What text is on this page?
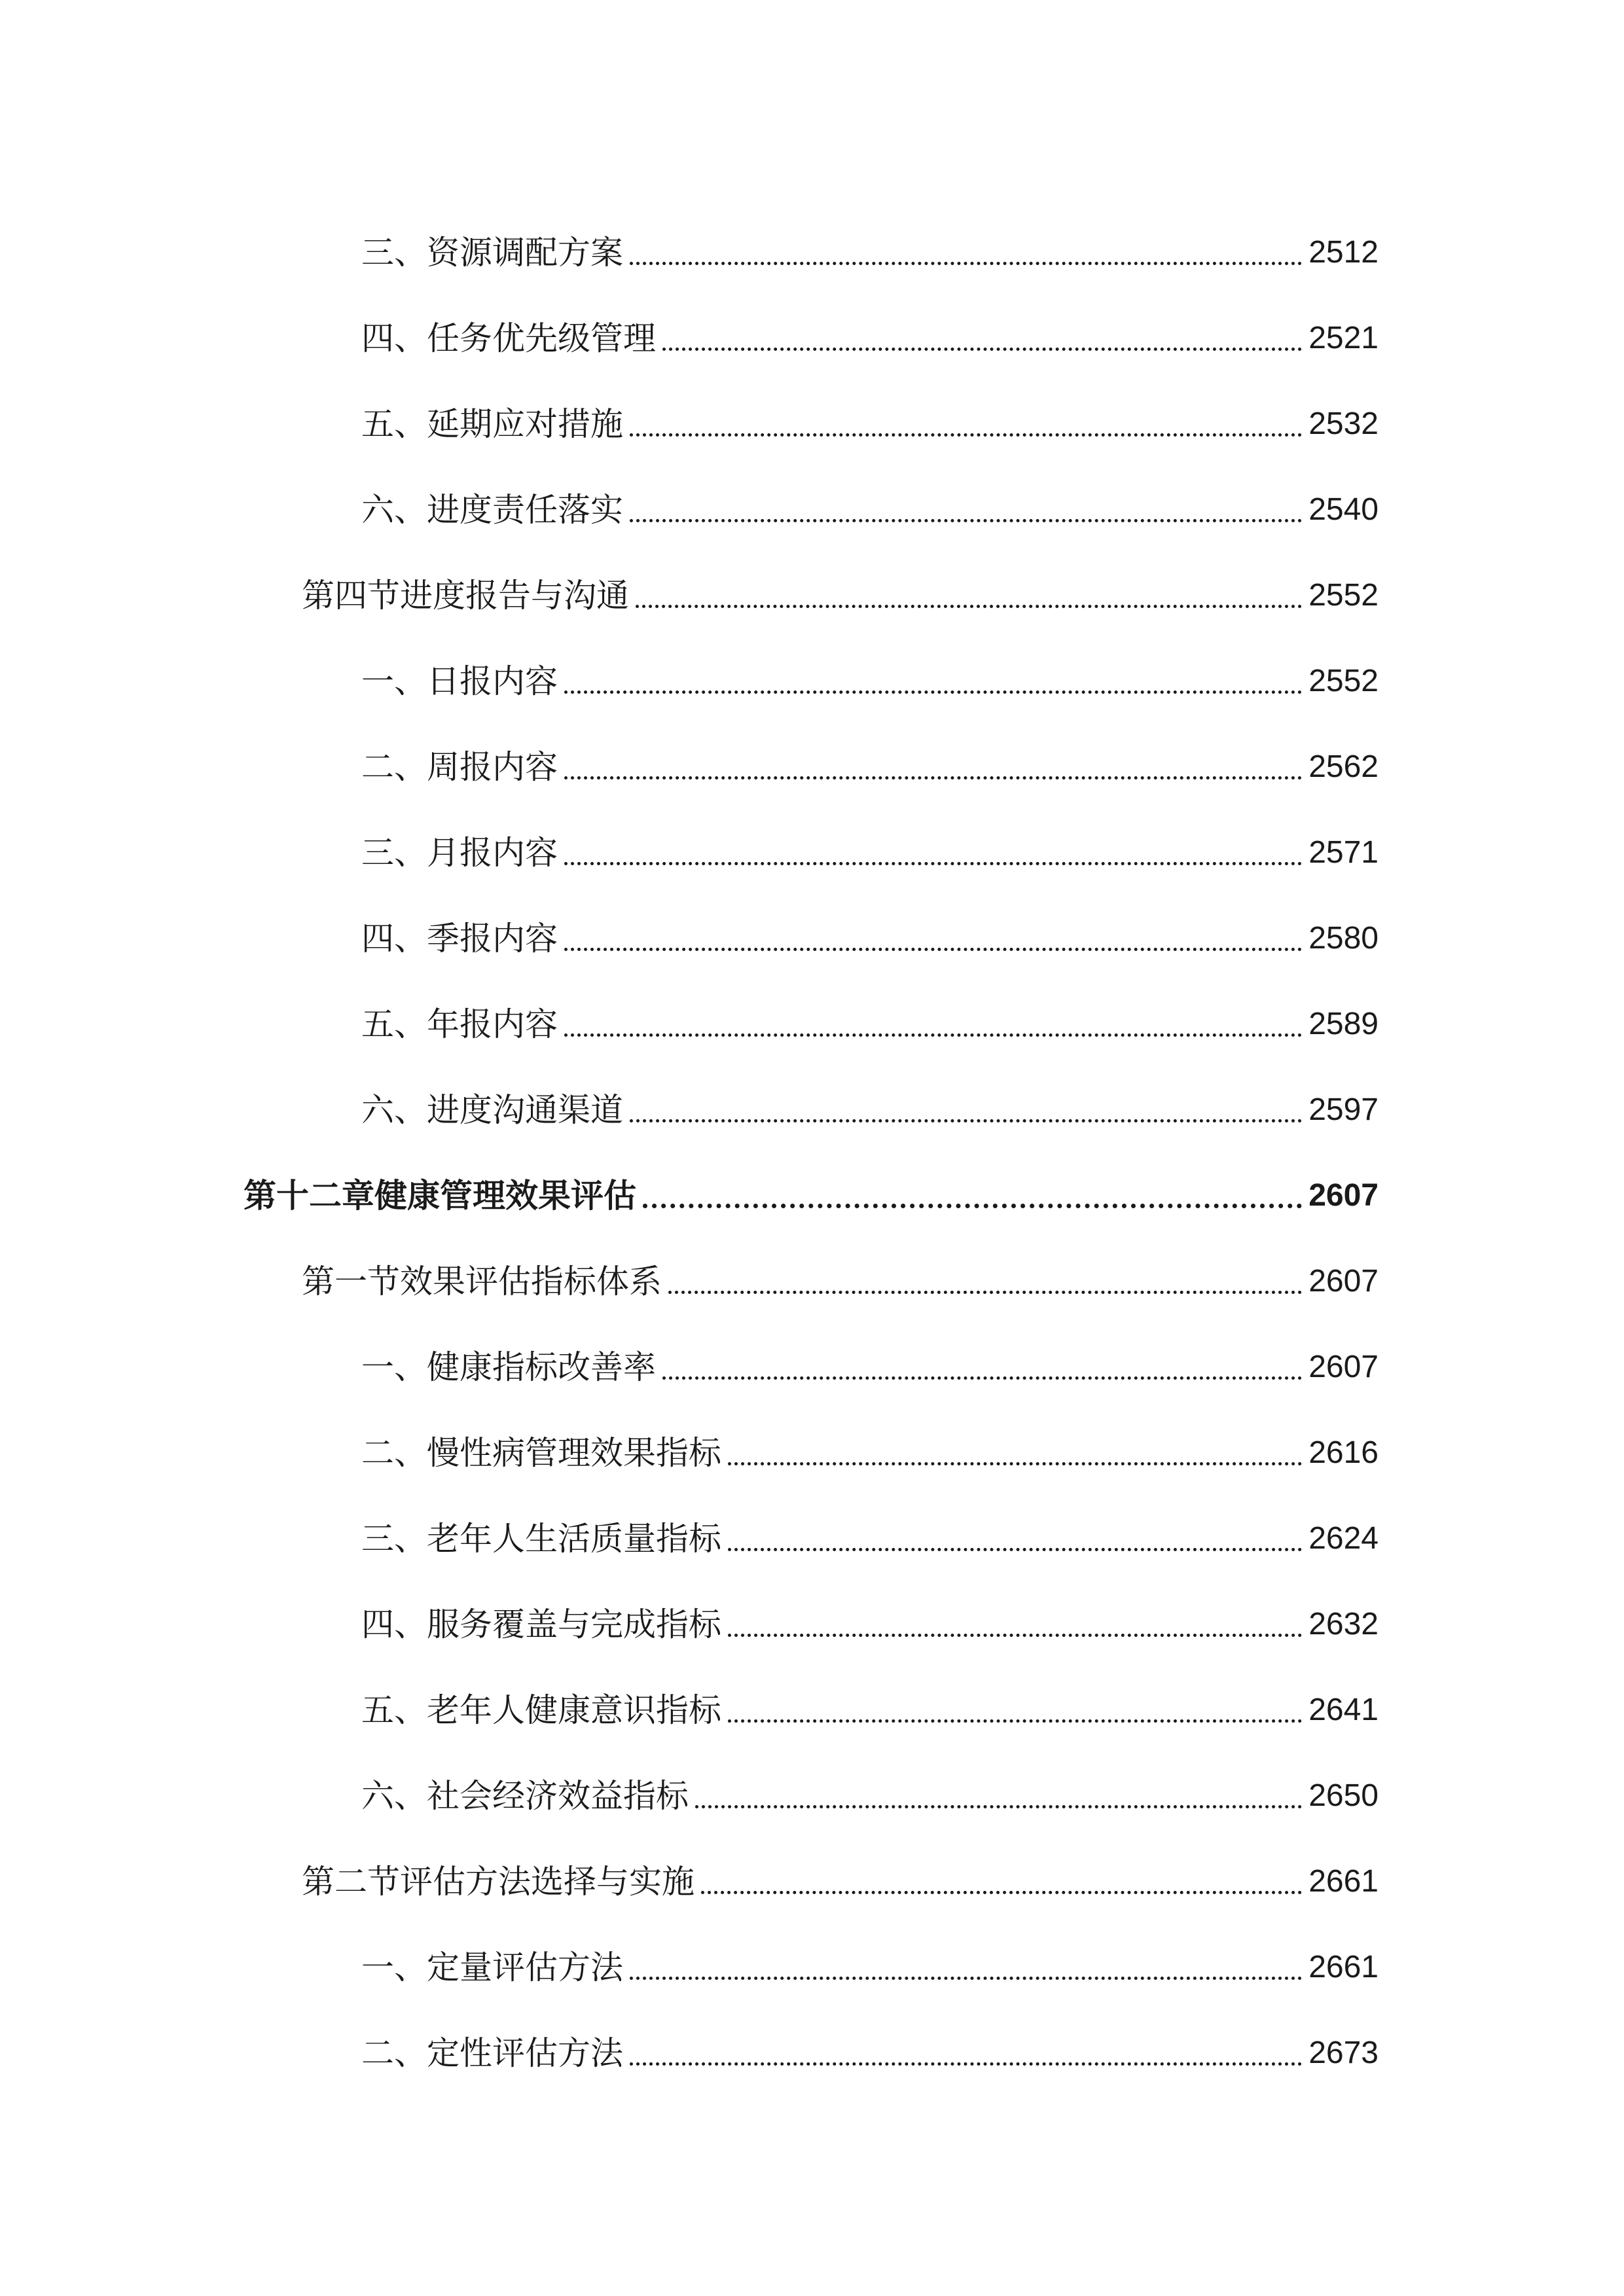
三、资源调配方案	2512
四、任务优先级管理	2521
五、延期应对措施	2532
六、进度责任落实	2540
第四节进度报告与沟通	2552
一、日报内容	2552
二、周报内容	2562
三、月报内容	2571
四、季报内容	2580
五、年报内容	2589
六、进度沟通渠道	2597
第十二章健康管理效果评估	2607
第一节效果评估指标体系	2607
一、健康指标改善率	2607
二、慢性病管理效果指标	2616
三、老年人生活质量指标	2624
四、服务覆盖与完成指标	2632
五、老年人健康意识指标	2641
六、社会经济效益指标	2650
第二节评估方法选择与实施	2661
一、定量评估方法	2661
二、定性评估方法	2673
